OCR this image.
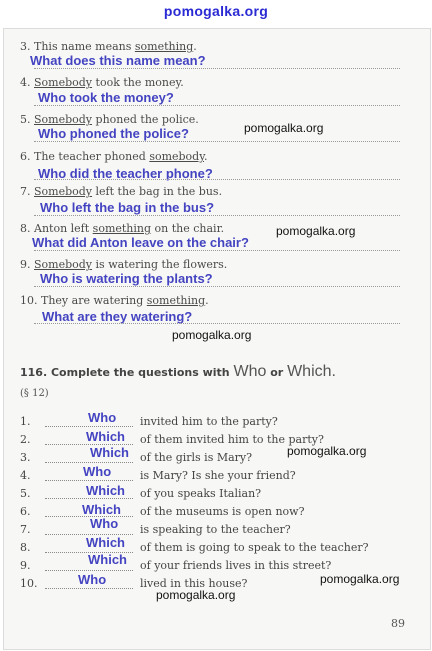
pomogalka.org
3. This name means something.
What does this name mean?
4. Somebody took the money.
Who took the money?
5. Somebody phoned the police.
Who phoned the police?
6. The teacher phoned somebody.
Who did the teacher phone?
7. Somebody left the bag in the bus.
Who left the bag in the bus?
8. Anton left something on the chair.
What did Anton leave on the chair?
9. Somebody is watering the flowers.
Who is watering the plants?
10. They are watering something.
What are they watering?
pomogalka.org
pomogalka.org
pomogalka.org
pomogalka.org
pomogalka.org
pomogalka.org
116. Complete the questions with Who or Which.
(§ 12)
1.	Who invited him to the party?
2.	Which of them invited him to the party?
3.	Which of the girls is Mary?
4.	Who	is Mary? Is she your friend?
5.	Which of you speaks Italian?
6.	Which of the museums is open now?
7.	Who is speaking to the teacher?
8.	Which of them is going to speak to the teacher?
9.	Which of your friends lives in this street?
10.	Who	lived in this house?
89
